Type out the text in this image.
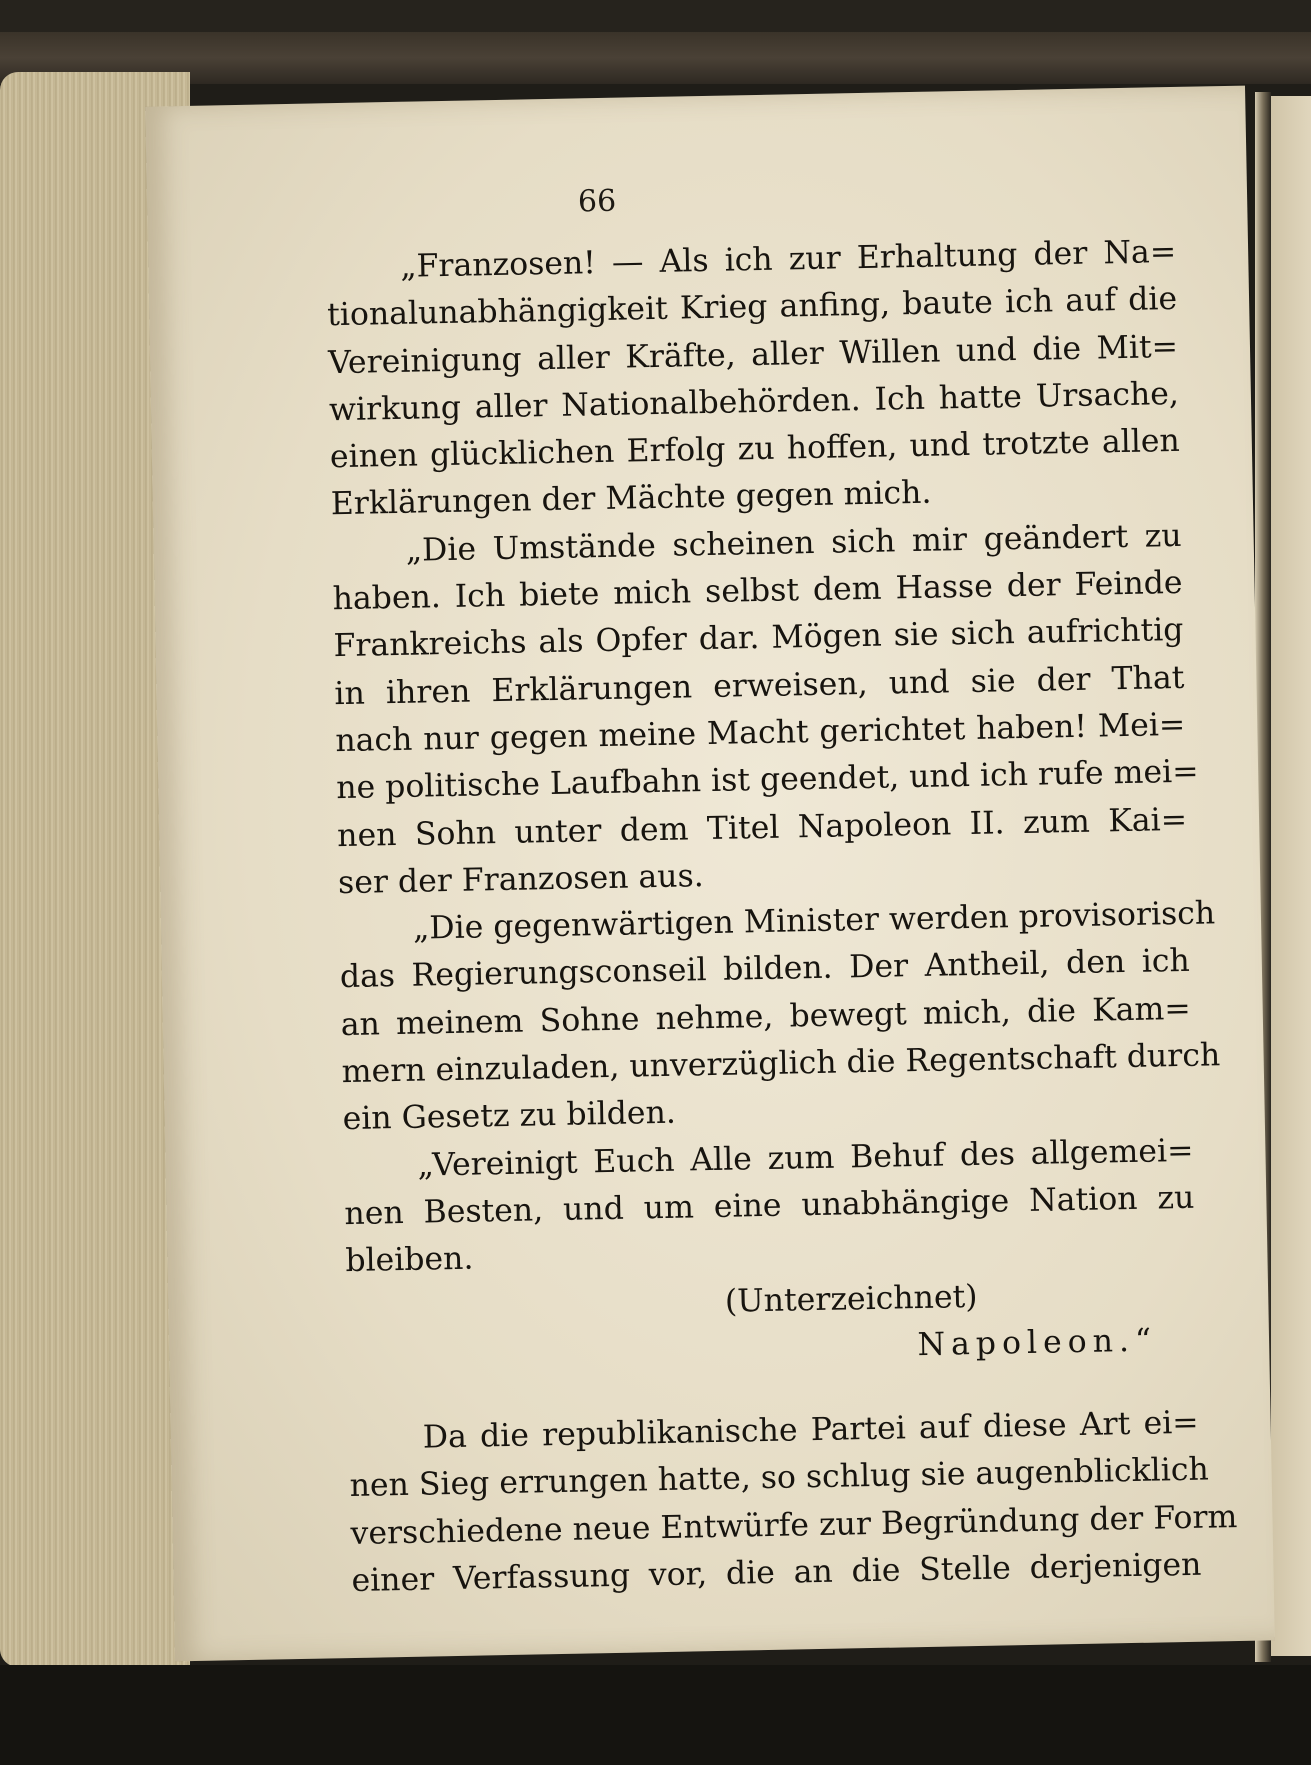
66
„Franzosen! — Als ich zur Erhaltung der Na=
tionalunabhängigkeit Krieg anfing, baute ich auf die
Vereinigung aller Kräfte, aller Willen und die Mit=
wirkung aller Nationalbehörden. Ich hatte Ursache,
einen glücklichen Erfolg zu hoffen, und trotzte allen
Erklärungen der Mächte gegen mich.
„Die Umstände scheinen sich mir geändert zu
haben. Ich biete mich selbst dem Hasse der Feinde
Frankreichs als Opfer dar. Mögen sie sich aufrichtig
in ihren Erklärungen erweisen, und sie der That
nach nur gegen meine Macht gerichtet haben! Mei=
ne politische Laufbahn ist geendet, und ich rufe mei=
nen Sohn unter dem Titel Napoleon II. zum Kai=
ser der Franzosen aus.
„Die gegenwärtigen Minister werden provisorisch
das Regierungsconseil bilden. Der Antheil, den ich
an meinem Sohne nehme, bewegt mich, die Kam=
mern einzuladen, unverzüglich die Regentschaft durch
ein Gesetz zu bilden.
„Vereinigt Euch Alle zum Behuf des allgemei=
nen Besten, und um eine unabhängige Nation zu
bleiben.
(Unterzeichnet)
Napoleon.“
Da die republikanische Partei auf diese Art ei=
nen Sieg errungen hatte, so schlug sie augenblicklich
verschiedene neue Entwürfe zur Begründung der Form
einer Verfassung vor, die an die Stelle derjenigen
